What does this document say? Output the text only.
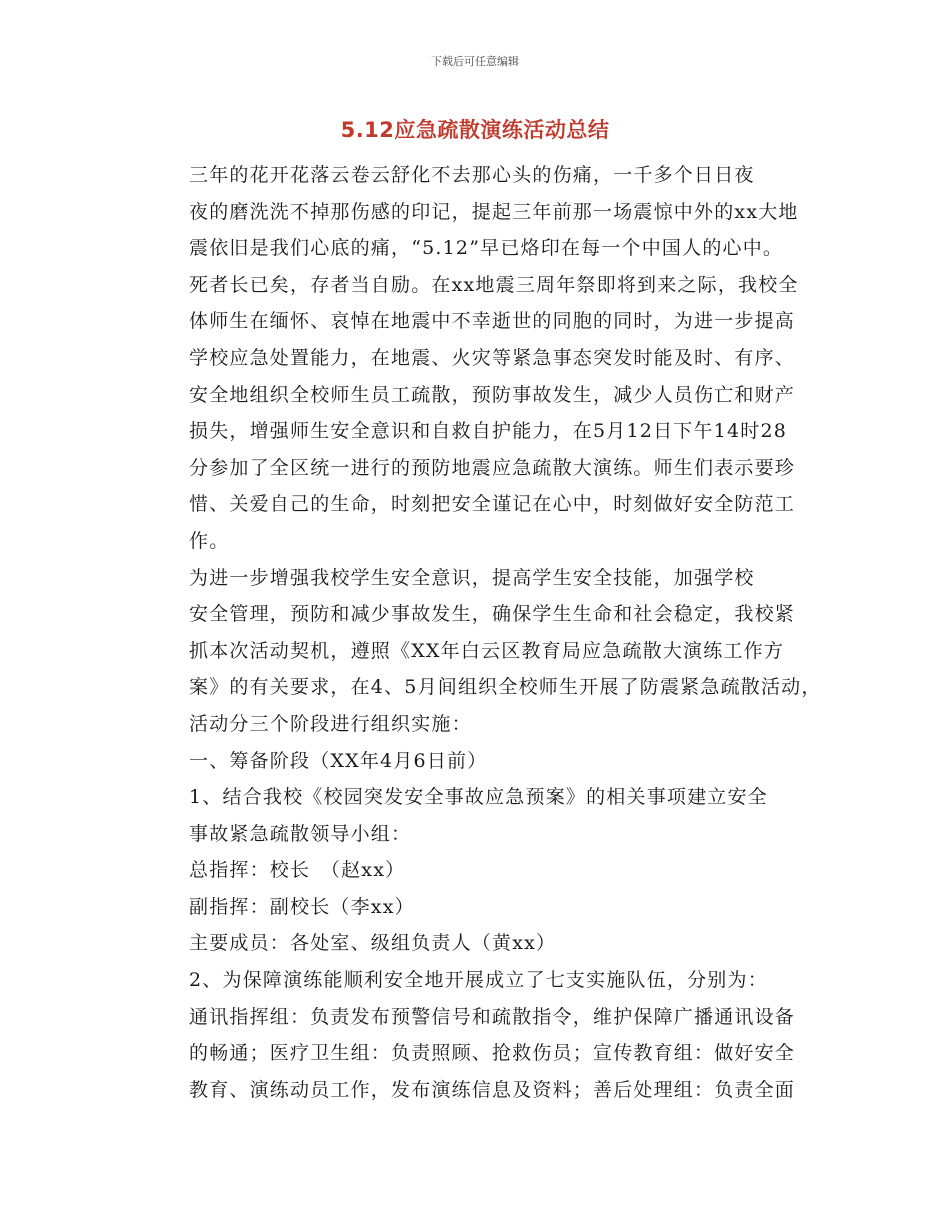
下载后可任意编辑
5.12应急疏散演练活动总结

三年的花开花落云卷云舒化不去那心头的伤痛，一千多个日日夜
夜的磨洗洗不掉那伤感的印记，提起三年前那一场震惊中外的xx大地
震依旧是我们心底的痛，“5.12”早已烙印在每一个中国人的心中。
死者长已矣，存者当自励。在xx地震三周年祭即将到来之际，我校全
体师生在缅怀、哀悼在地震中不幸逝世的同胞的同时，为进一步提高
学校应急处置能力，在地震、火灾等紧急事态突发时能及时、有序、
安全地组织全校师生员工疏散，预防事故发生，减少人员伤亡和财产
损失，增强师生安全意识和自救自护能力，在5月12日下午14时28
分参加了全区统一进行的预防地震应急疏散大演练。师生们表示要珍
惜、关爱自己的生命，时刻把安全谨记在心中，时刻做好安全防范工
作。

为进一步增强我校学生安全意识，提高学生安全技能，加强学校
安全管理，预防和减少事故发生，确保学生生命和社会稳定，我校紧
抓本次活动契机，遵照《XX年白云区教育局应急疏散大演练工作方
案》的有关要求，在4、5月间组织全校师生开展了防震紧急疏散活动，
活动分三个阶段进行组织实施：

一、筹备阶段（XX年4月6日前）

1、结合我校《校园突发安全事故应急预案》的相关事项建立安全
事故紧急疏散领导小组：

总指挥：校长　（赵xx）

副指挥：副校长（李xx）

主要成员：各处室、级组负责人（黄xx）

2、为保障演练能顺利安全地开展成立了七支实施队伍，分别为：
通讯指挥组：负责发布预警信号和疏散指令，维护保障广播通讯设备
的畅通；医疗卫生组：负责照顾、抢救伤员；宣传教育组：做好安全
教育、演练动员工作，发布演练信息及资料；善后处理组：负责全面
